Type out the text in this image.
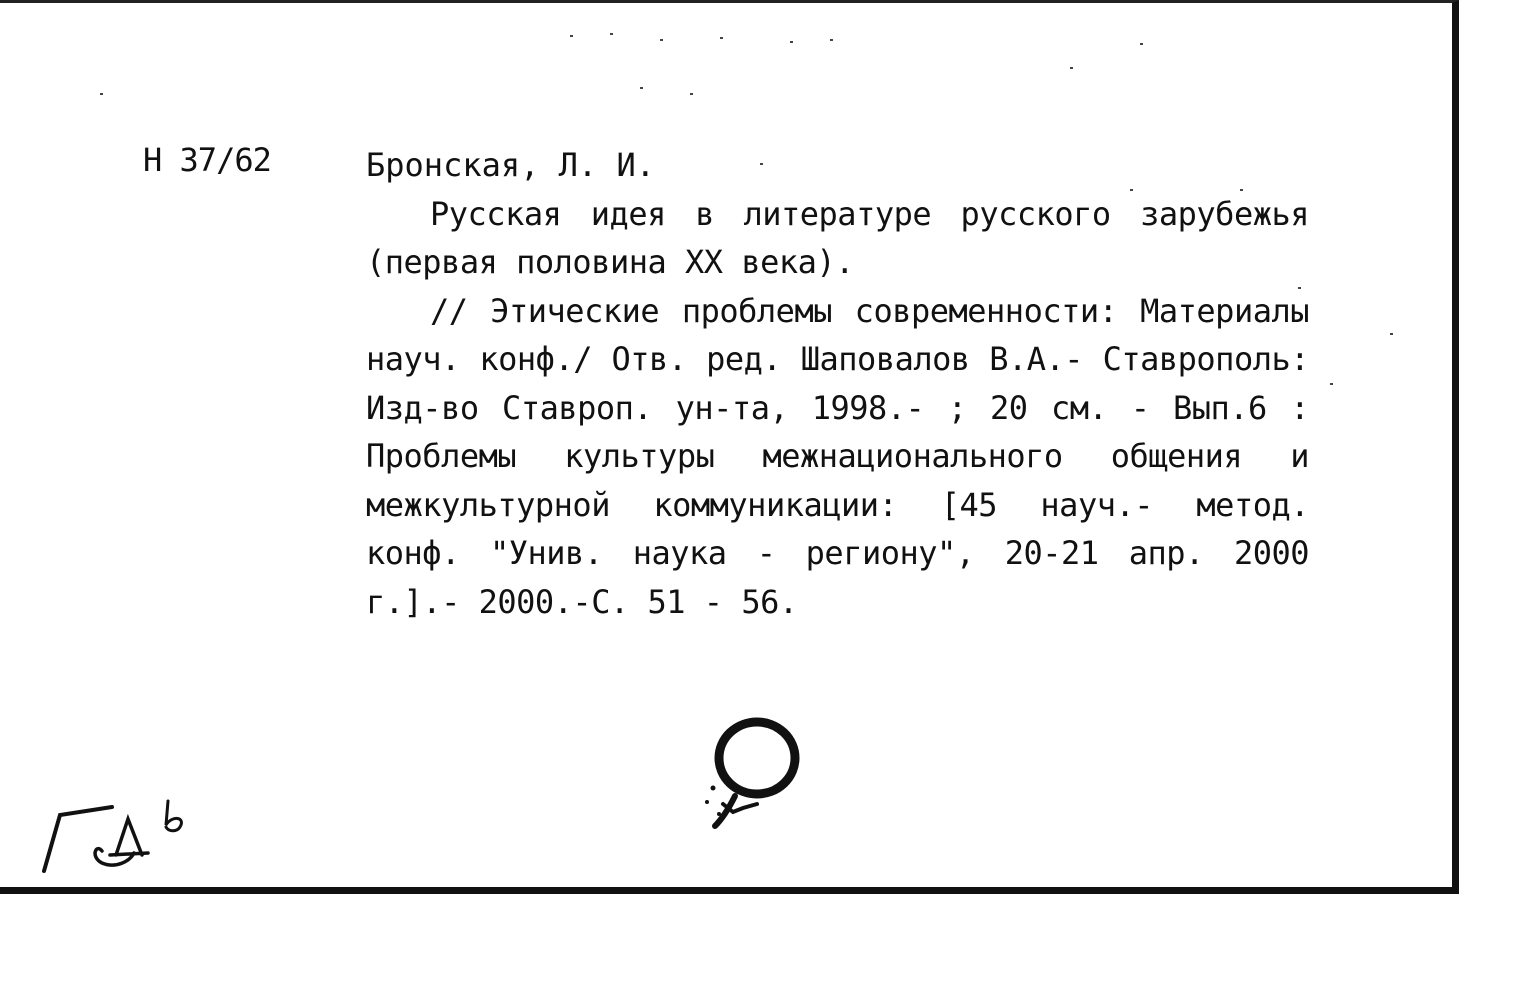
Н 37/62	Бронская, Л. И.
Русская идея в литературе русского зарубежья (первая половина XX века).
// Этические проблемы современности: Материалы науч. конф./ Отв. ред. Шаповалов В.А.- Ставрополь: Изд-во Ставроп. ун-та, 1998.- ; 20 см. - Вып.6 : Проблемы культуры межнационального общения и межкультурной коммуникации: [45 науч.- метод. конф. "Унив. наука - региону", 20-21 апр. 2000 г.].- 2000.-С. 51 - 56.
